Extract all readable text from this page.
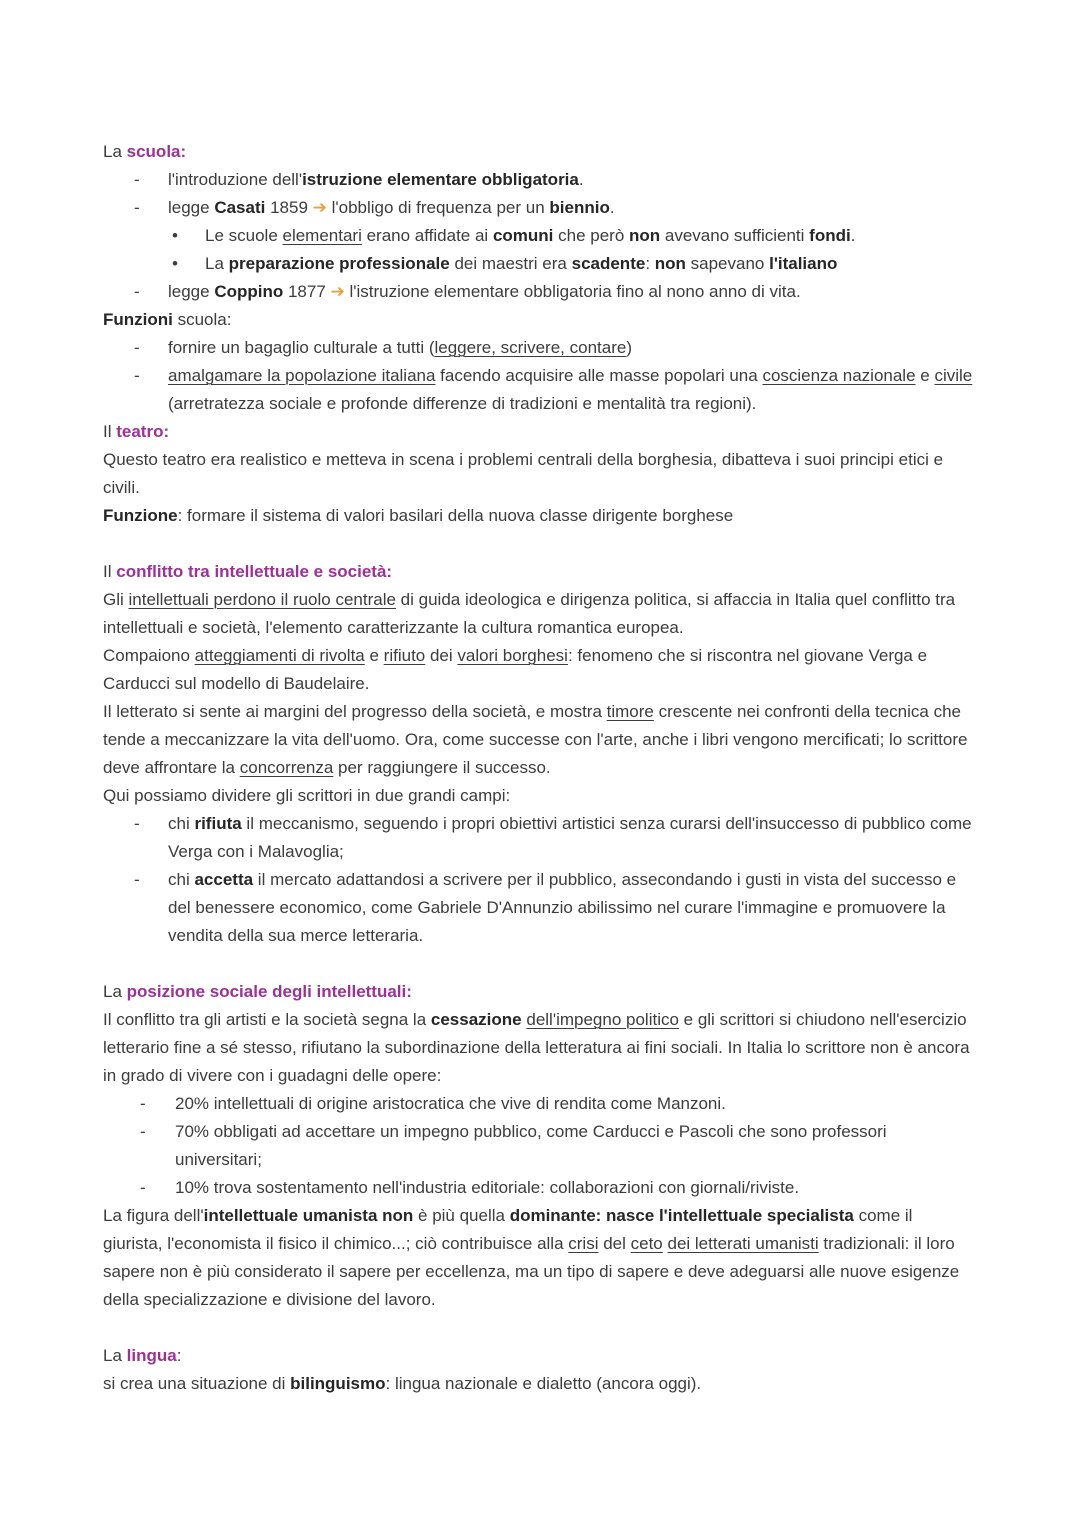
La scuola:

-	l'introduzione dell'istruzione elementare obbligatoria.
-	legge Casati 1859 ➔ l'obbligo di frequenza per un biennio.
•	Le scuole elementari erano affidate ai comuni che però non avevano sufficienti fondi.
•	La preparazione professionale dei maestri era scadente: non sapevano l'italiano
-	legge Coppino 1877 ➔ l'istruzione elementare obbligatoria fino al nono anno di vita.

Funzioni scuola:

-	fornire un bagaglio culturale a tutti (leggere, scrivere, contare)
-	amalgamare la popolazione italiana facendo acquisire alle masse popolari una coscienza nazionale e civile (arretratezza sociale e profonde differenze di tradizioni e mentalità tra regioni).

Il teatro:

Questo teatro era realistico e metteva in scena i problemi centrali della borghesia, dibatteva i suoi principi etici e civili.

Funzione: formare il sistema di valori basilari della nuova classe dirigente borghese

Il conflitto tra intellettuale e società:

Gli intellettuali perdono il ruolo centrale di guida ideologica e dirigenza politica, si affaccia in Italia quel conflitto tra intellettuali e società, l'elemento caratterizzante la cultura romantica europea.

Compaiono atteggiamenti di rivolta e rifiuto dei valori borghesi: fenomeno che si riscontra nel giovane Verga e Carducci sul modello di Baudelaire.

Il letterato si sente ai margini del progresso della società, e mostra timore crescente nei confronti della tecnica che tende a meccanizzare la vita dell'uomo. Ora, come successe con l'arte, anche i libri vengono mercificati; lo scrittore deve affrontare la concorrenza per raggiungere il successo.

Qui possiamo dividere gli scrittori in due grandi campi:

-	chi rifiuta il meccanismo, seguendo i propri obiettivi artistici senza curarsi dell'insuccesso di pubblico come Verga con i Malavoglia;
-	chi accetta il mercato adattandosi a scrivere per il pubblico, assecondando i gusti in vista del successo e del benessere economico, come Gabriele D'Annunzio abilissimo nel curare l'immagine e promuovere la vendita della sua merce letteraria.

La posizione sociale degli intellettuali:

Il conflitto tra gli artisti e la società segna la cessazione dell'impegno politico e gli scrittori si chiudono nell'esercizio letterario fine a sé stesso, rifiutano la subordinazione della letteratura ai fini sociali. In Italia lo scrittore non è ancora in grado di vivere con i guadagni delle opere:

-	20% intellettuali di origine aristocratica che vive di rendita come Manzoni.
-	70% obbligati ad accettare un impegno pubblico, come Carducci e Pascoli che sono professori universitari;
-	10% trova sostentamento nell'industria editoriale: collaborazioni con giornali/riviste.

La figura dell'intellettuale umanista non è più quella dominante: nasce l'intellettuale specialista come il giurista, l'economista il fisico il chimico...; ciò contribuisce alla crisi del ceto dei letterati umanisti tradizionali: il loro sapere non è più considerato il sapere per eccellenza, ma un tipo di sapere e deve adeguarsi alle nuove esigenze della specializzazione e divisione del lavoro.

La lingua:

si crea una situazione di bilinguismo: lingua nazionale e dialetto (ancora oggi).
